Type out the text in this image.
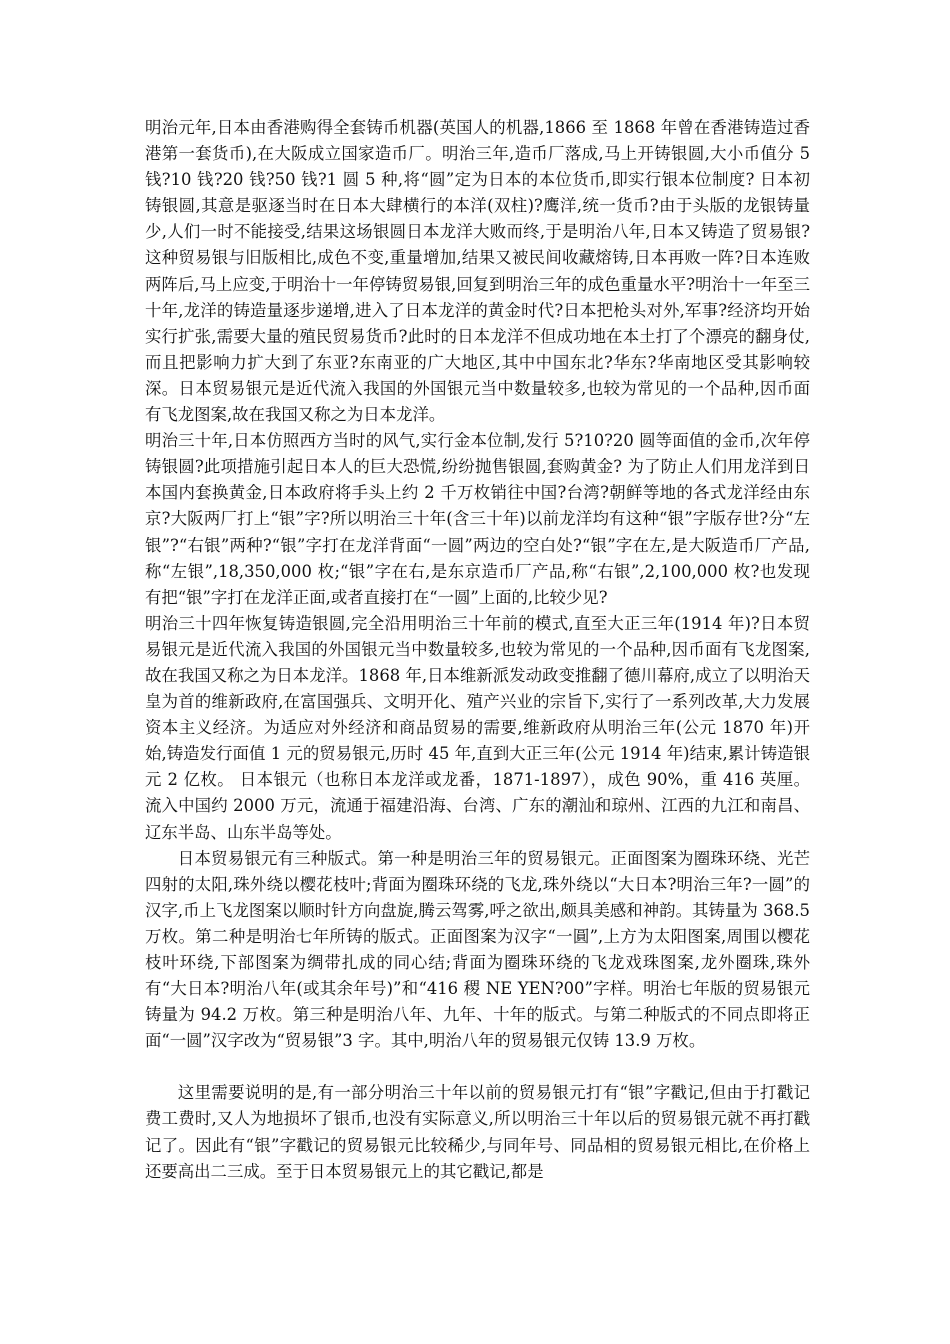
明治元年,日本由香港购得全套铸币机器(英国人的机器,1866 至 1868 年曾在香港铸造过香港第一套货币),在大阪成立国家造币厂。明治三年,造币厂落成,马上开铸银圆,大小币值分 5 钱?10 钱?20 钱?50 钱?1 圆 5 种,将“圆”定为日本的本位货币,即实行银本位制度? 日本初铸银圆,其意是驱逐当时在日本大肆横行的本洋(双柱)?鹰洋,统一货币?由于头版的龙银铸量少,人们一时不能接受,结果这场银圆日本龙洋大败而终,于是明治八年,日本又铸造了贸易银?这种贸易银与旧版相比,成色不变,重量增加,结果又被民间收藏熔铸,日本再败一阵?日本连败两阵后,马上应变,于明治十一年停铸贸易银,回复到明治三年的成色重量水平?明治十一年至三十年,龙洋的铸造量逐步递增,进入了日本龙洋的黄金时代?日本把枪头对外,军事?经济均开始实行扩张,需要大量的殖民贸易货币?此时的日本龙洋不但成功地在本土打了个漂亮的翻身仗,而且把影响力扩大到了东亚?东南亚的广大地区,其中中国东北?华东?华南地区受其影响较深。日本贸易银元是近代流入我国的外国银元当中数量较多,也较为常见的一个品种,因币面有飞龙图案,故在我国又称之为日本龙洋。

明治三十年,日本仿照西方当时的风气,实行金本位制,发行 5?10?20 圆等面值的金币,次年停铸银圆?此项措施引起日本人的巨大恐慌,纷纷抛售银圆,套购黄金? 为了防止人们用龙洋到日本国内套换黄金,日本政府将手头上约 2 千万枚销往中国?台湾?朝鲜等地的各式龙洋经由东京?大阪两厂打上“银”字?所以明治三十年(含三十年)以前龙洋均有这种“银”字版存世?分“左银”?“右银”两种?“银”字打在龙洋背面“一圆”两边的空白处?“银”字在左,是大阪造币厂产品,称“左银”,18,350,000 枚;“银”字在右,是东京造币厂产品,称“右银”,2,100,000 枚?也发现有把“银”字打在龙洋正面,或者直接打在“一圆”上面的,比较少见?

明治三十四年恢复铸造银圆,完全沿用明治三十年前的模式,直至大正三年(1914 年)?日本贸易银元是近代流入我国的外国银元当中数量较多,也较为常见的一个品种,因币面有飞龙图案,故在我国又称之为日本龙洋。1868 年,日本维新派发动政变推翻了德川幕府,成立了以明治天皇为首的维新政府,在富国强兵、文明开化、殖产兴业的宗旨下,实行了一系列改革,大力发展资本主义经济。为适应对外经济和商品贸易的需要,维新政府从明治三年(公元 1870 年)开始,铸造发行面值 1 元的贸易银元,历时 45 年,直到大正三年(公元 1914 年)结束,累计铸造银元 2 亿枚。 日本银元（也称日本龙洋或龙番，1871-1897），成色 90%，重 416 英厘。流入中国约 2000 万元，流通于福建沿海、台湾、广东的潮汕和琼州、江西的九江和南昌、辽东半岛、山东半岛等处。

日本贸易银元有三种版式。第一种是明治三年的贸易银元。正面图案为圈珠环绕、光芒四射的太阳,珠外绕以樱花枝叶;背面为圈珠环绕的飞龙,珠外绕以“大日本?明治三年?一圆”的汉字,币上飞龙图案以顺时针方向盘旋,腾云驾雾,呼之欲出,颇具美感和神韵。其铸量为 368.5 万枚。第二种是明治七年所铸的版式。正面图案为汉字“一圓”,上方为太阳图案,周围以樱花枝叶环绕,下部图案为绸带扎成的同心结;背面为圈珠环绕的飞龙戏珠图案,龙外圈珠,珠外有“大日本?明治八年(或其余年号)”和“416 稷 NE YEN?00”字样。明治七年版的贸易银元铸量为 94.2 万枚。第三种是明治八年、九年、十年的版式。与第二种版式的不同点即将正面“一圆”汉字改为“贸易银”3 字。其中,明治八年的贸易银元仅铸 13.9 万枚。

这里需要说明的是,有一部分明治三十年以前的贸易银元打有“银”字戳记,但由于打戳记费工费时,又人为地损坏了银币,也没有实际意义,所以明治三十年以后的贸易银元就不再打戳记了。因此有“银”字戳记的贸易银元比较稀少,与同年号、同品相的贸易银元相比,在价格上还要高出二三成。至于日本贸易银元上的其它戳记,都是
